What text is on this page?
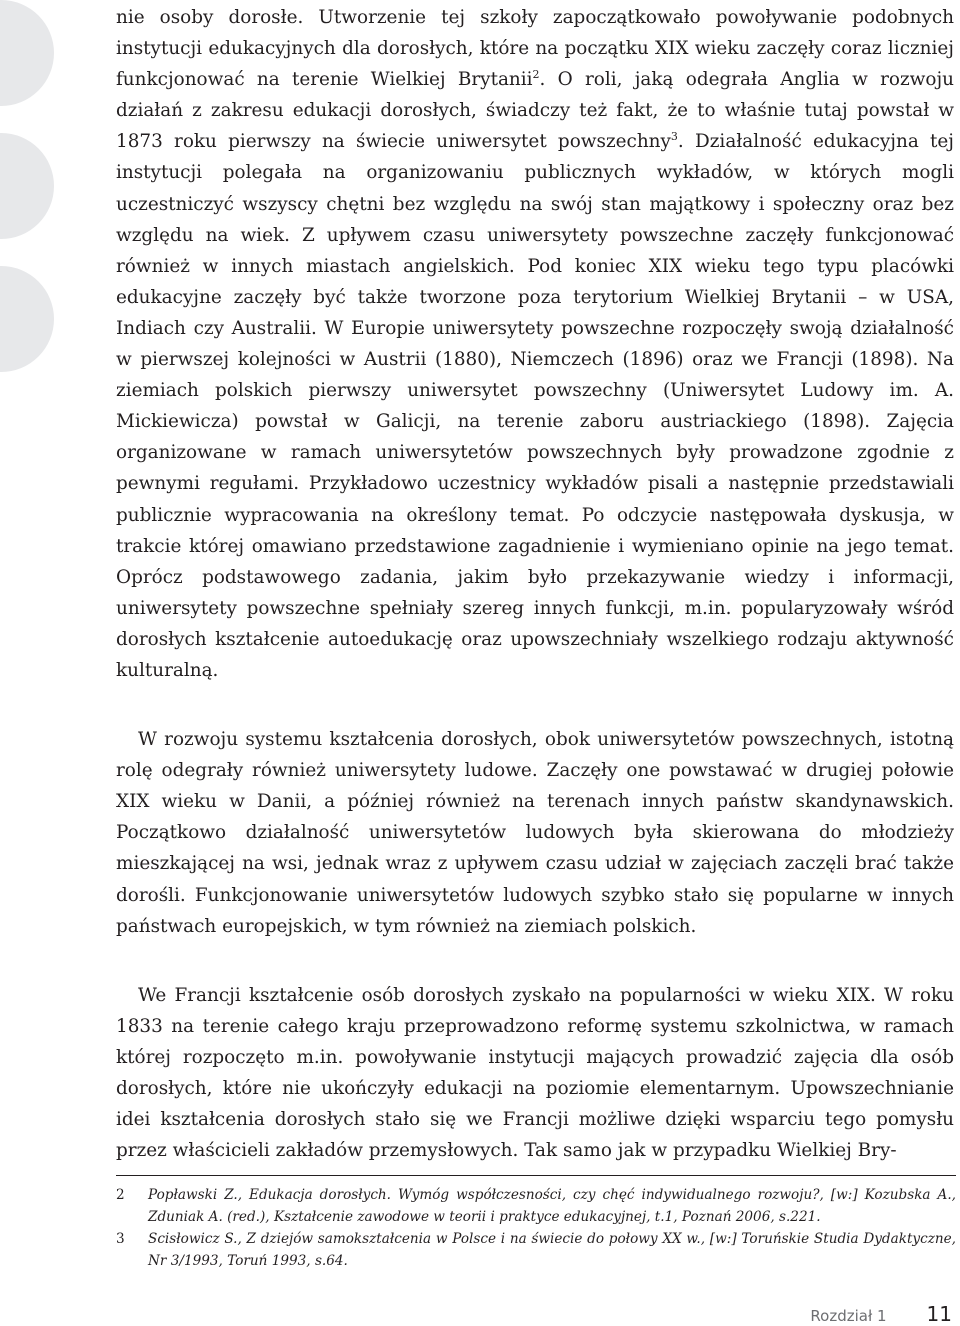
nie osoby dorosłe. Utworzenie tej szkoły zapoczątkowało powoływanie podobnych instytucji edukacyjnych dla dorosłych, które na początku XIX wieku zaczęły coraz liczniej funkcjonować na terenie Wielkiej Brytanii$^2$. O roli, jaką odegrała Anglia w rozwoju działań z zakresu edukacji dorosłych, świadczy też fakt, że to właśnie tutaj powstał w 1873 roku pierwszy na świecie uniwersytet powszechny$^3$. Działalność edukacyjna tej instytucji polegała na organizowaniu publicznych wykładów, w których mogli uczestniczyć wszyscy chętni bez względu na swój stan majątkowy i społeczny oraz bez względu na wiek. Z upływem czasu uniwersytety powszechne zaczęły funkcjonować również w innych miastach angielskich. Pod koniec XIX wieku tego typu placówki edukacyjne zaczęły być także tworzone poza terytorium Wielkiej Brytanii – w USA, Indiach czy Australii. W Europie uniwersytety powszechne rozpoczęły swoją działalność w pierwszej kolejności w Austrii (1880), Niemczech (1896) oraz we Francji (1898). Na ziemiach polskich pierwszy uniwersytet powszechny (Uniwersytet Ludowy im. A. Mickiewicza) powstał w Galicji, na terenie zaboru austriackiego (1898). Zajęcia organizowane w ramach uniwersytetów powszechnych były prowadzone zgodnie z pewnymi regułami. Przykładowo uczestnicy wykładów pisali a następnie przedstawiali publicznie wypracowania na określony temat. Po odczycie następowała dyskusja, w trakcie której omawiano przedstawione zagadnienie i wymieniano opinie na jego temat. Oprócz podstawowego zadania, jakim było przekazywanie wiedzy i informacji, uniwersytety powszechne spełniały szereg innych funkcji, m.in. popularyzowały wśród dorosłych kształcenie autoedukację oraz upowszechniały wszelkiego rodzaju aktywność kulturalną.

W rozwoju systemu kształcenia dorosłych, obok uniwersytetów powszechnych, istotną rolę odegrały również uniwersytety ludowe. Zaczęły one powstawać w drugiej połowie XIX wieku w Danii, a później również na terenach innych państw skandynawskich. Początkowo działalność uniwersytetów ludowych była skierowana do młodzieży mieszkającej na wsi, jednak wraz z upływem czasu udział w zajęciach zaczęli brać także dorośli. Funkcjonowanie uniwersytetów ludowych szybko stało się popularne w innych państwach europejskich, w tym również na ziemiach polskich.

We Francji kształcenie osób dorosłych zyskało na popularności w wieku XIX. W roku 1833 na terenie całego kraju przeprowadzono reformę systemu szkolnictwa, w ramach której rozpoczęto m.in. powoływanie instytucji mających prowadzić zajęcia dla osób dorosłych, które nie ukończyły edukacji na poziomie elementarnym. Upowszechnianie idei kształcenia dorosłych stało się we Francji możliwe dzięki wsparciu tego pomysłu przez właścicieli zakładów przemysłowych. Tak samo jak w przypadku Wielkiej Bry-

2	Popławski Z., Edukacja dorosłych. Wymóg współczesności, czy chęć indywidualnego rozwoju?, [w:] Kozubska A., Zduniak A. (red.), Kształcenie zawodowe w teorii i praktyce edukacyjnej, t.1, Poznań 2006, s.221.
3	Scisłowicz S., Z dziejów samokształcenia w Polsce i na świecie do połowy XX w., [w:] Toruńskie Studia Dydaktyczne, Nr 3/1993, Toruń 1993, s.64.
Rozdział 1 11
